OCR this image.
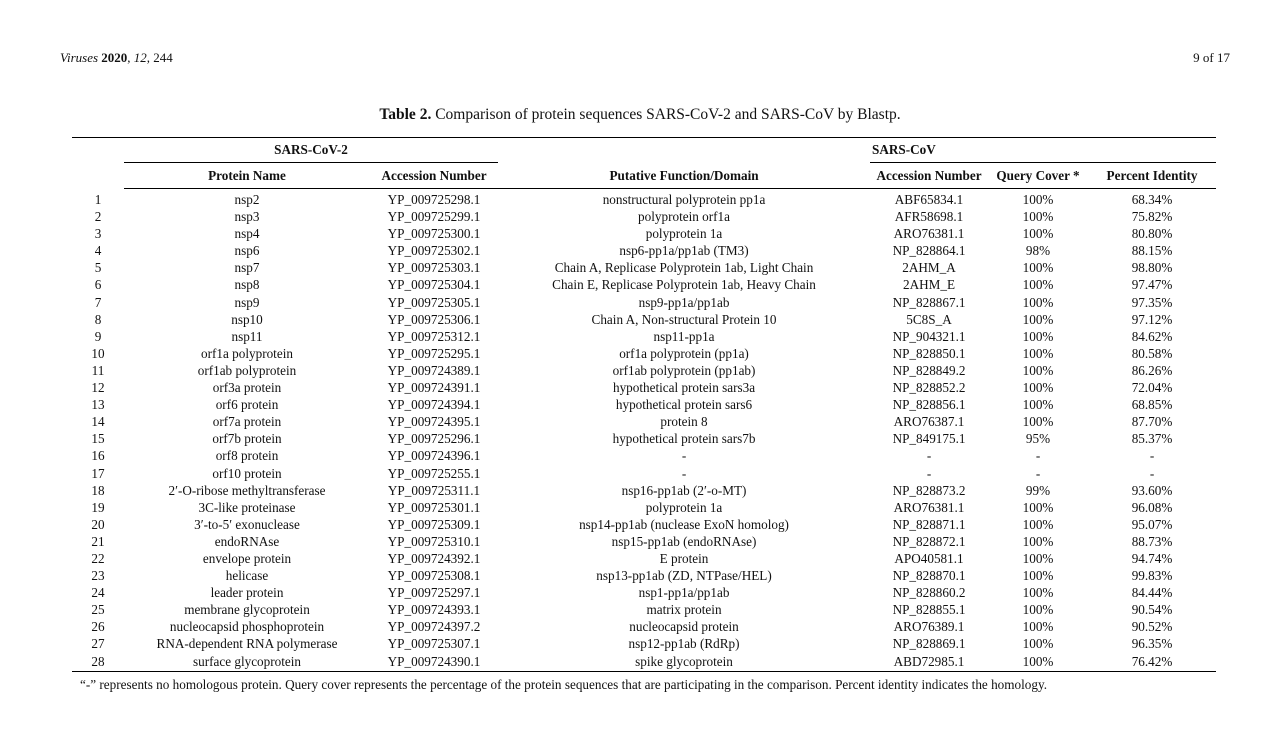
Viruses 2020, 12, 244	9 of 17
Table 2. Comparison of protein sequences SARS-CoV-2 and SARS-CoV by Blastp.
	SARS-CoV-2			SARS-CoV		
	Protein Name	Accession Number	Putative Function/Domain	Accession Number	Query Cover *	Percent Identity
1	nsp2	YP_009725298.1	nonstructural polyprotein pp1a	ABF65834.1	100%	68.34%
2	nsp3	YP_009725299.1	polyprotein orf1a	AFR58698.1	100%	75.82%
3	nsp4	YP_009725300.1	polyprotein 1a	ARO76381.1	100%	80.80%
4	nsp6	YP_009725302.1	nsp6-pp1a/pp1ab (TM3)	NP_828864.1	98%	88.15%
5	nsp7	YP_009725303.1	Chain A, Replicase Polyprotein 1ab, Light Chain	2AHM_A	100%	98.80%
6	nsp8	YP_009725304.1	Chain E, Replicase Polyprotein 1ab, Heavy Chain	2AHM_E	100%	97.47%
7	nsp9	YP_009725305.1	nsp9-pp1a/pp1ab	NP_828867.1	100%	97.35%
8	nsp10	YP_009725306.1	Chain A, Non-structural Protein 10	5C8S_A	100%	97.12%
9	nsp11	YP_009725312.1	nsp11-pp1a	NP_904321.1	100%	84.62%
10	orf1a polyprotein	YP_009725295.1	orf1a polyprotein (pp1a)	NP_828850.1	100%	80.58%
11	orf1ab polyprotein	YP_009724389.1	orf1ab polyprotein (pp1ab)	NP_828849.2	100%	86.26%
12	orf3a protein	YP_009724391.1	hypothetical protein sars3a	NP_828852.2	100%	72.04%
13	orf6 protein	YP_009724394.1	hypothetical protein sars6	NP_828856.1	100%	68.85%
14	orf7a protein	YP_009724395.1	protein 8	ARO76387.1	100%	87.70%
15	orf7b protein	YP_009725296.1	hypothetical protein sars7b	NP_849175.1	95%	85.37%
16	orf8 protein	YP_009724396.1	-	-	-	-
17	orf10 protein	YP_009725255.1	-	-	-	-
18	2′-O-ribose methyltransferase	YP_009725311.1	nsp16-pp1ab (2′-o-MT)	NP_828873.2	99%	93.60%
19	3C-like proteinase	YP_009725301.1	polyprotein 1a	ARO76381.1	100%	96.08%
20	3′-to-5′ exonuclease	YP_009725309.1	nsp14-pp1ab (nuclease ExoN homolog)	NP_828871.1	100%	95.07%
21	endoRNAse	YP_009725310.1	nsp15-pp1ab (endoRNAse)	NP_828872.1	100%	88.73%
22	envelope protein	YP_009724392.1	E protein	APO40581.1	100%	94.74%
23	helicase	YP_009725308.1	nsp13-pp1ab (ZD, NTPase/HEL)	NP_828870.1	100%	99.83%
24	leader protein	YP_009725297.1	nsp1-pp1a/pp1ab	NP_828860.2	100%	84.44%
25	membrane glycoprotein	YP_009724393.1	matrix protein	NP_828855.1	100%	90.54%
26	nucleocapsid phosphoprotein	YP_009724397.2	nucleocapsid protein	ARO76389.1	100%	90.52%
27	RNA-dependent RNA polymerase	YP_009725307.1	nsp12-pp1ab (RdRp)	NP_828869.1	100%	96.35%
28	surface glycoprotein	YP_009724390.1	spike glycoprotein	ABD72985.1	100%	76.42%
“-” represents no homologous protein. Query cover represents the percentage of the protein sequences that are participating in the comparison. Percent identity indicates the homology.
